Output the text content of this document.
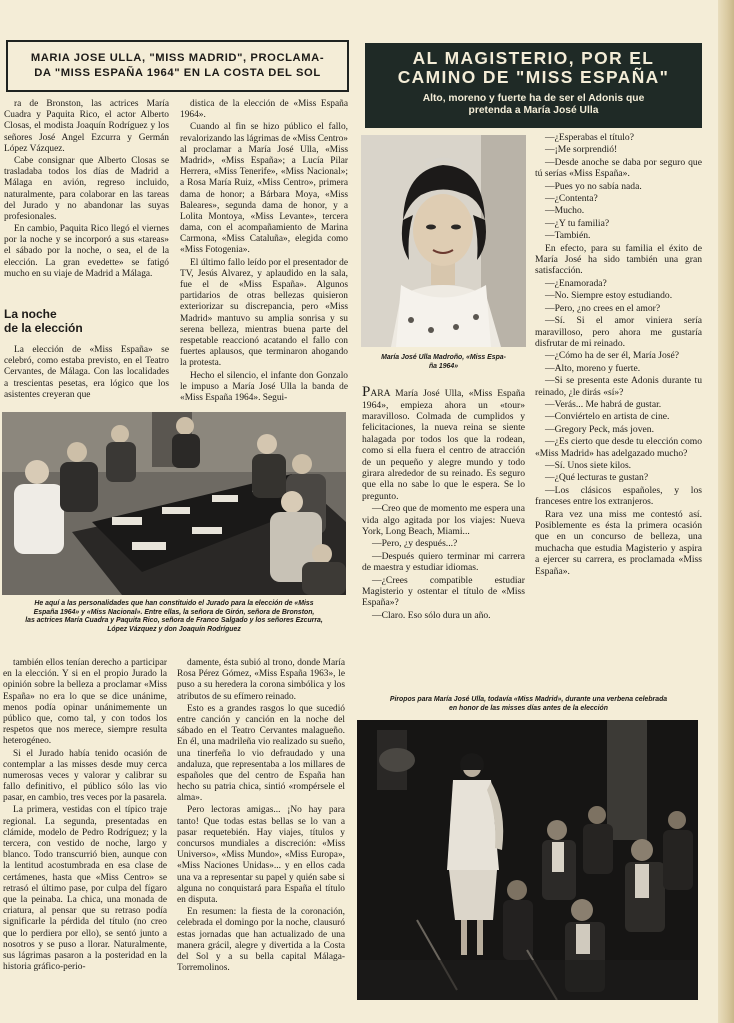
MARIA JOSE ULLA, "MISS MADRID", PROCLAMA-
DA "MISS ESPAÑA 1964" EN LA COSTA DEL SOL
AL MAGISTERIO, POR EL
CAMINO DE "MISS ESPAÑA"
Alto, moreno y fuerte ha de ser el Adonis que
pretenda a María José Ulla

ra de Bronston, las actrices María Cuadra y Paquita Rico, el actor Alberto Closas, el modista Joaquín Rodríguez y los señores José Angel Ezcurra y Germán López Vázquez.

Cabe consignar que Alberto Closas se trasladaba todos los días de Madrid a Málaga en avión, regreso incluido, naturalmente, para colaborar en las tareas del Jurado y no abandonar las suyas profesionales.

En cambio, Paquita Rico llegó el viernes por la noche y se incorporó a sus «tareas» el sábado por la noche, o sea, el de la elección. La gran evedette» se fatigó mucho en su viaje de Madrid a Málaga.

La noche
de la elección

La elección de «Miss España» se celebró, como estaba previsto, en el Teatro Cervantes, de Málaga. Con las localidades a trescientas pesetas, era lógico que los asistentes creyeran que

distica de la elección de «Miss España 1964».

Cuando al fin se hizo público el fallo, revalorizando las lágrimas de «Miss Centro» al proclamar a María José Ulla, «Miss Madrid», «Miss España»; a Lucía Pilar Herrera, «Miss Tenerife», «Miss Nacional»; a Rosa María Ruiz, «Miss Centro», primera dama de honor; a Bárbara Moya, «Miss Baleares», segunda dama de honor, y a Lolita Montoya, «Miss Levante», tercera dama, con el acompañamiento de Marina Carmona, «Miss Cataluña», elegida como «Miss Fotogenia».

El último fallo leído por el presentador de TV, Jesús Alvarez, y aplaudido en la sala, fue el de «Miss España». Algunos partidarios de otras bellezas quisieron exteriorizar su discrepancia, pero «Miss Madrid» mantuvo su amplia sonrisa y su serena belleza, mientras buena parte del respetable reaccionó acatando el fallo con fuertes aplausos, que terminaron ahogando la protesta.

Hecho el silencio, el infante don Gonzalo le impuso a María José Ulla la banda de «Miss España 1964». Segui-

He aquí a las personalidades que han constituido el Jurado para la elección de «Miss
España 1964» y «Miss Nacional». Entre ellas, la señora de Girón, señora de Bronston,
las actrices María Cuadra y Paquita Rico, señora de Franco Salgado y los señores Ezcurra,
López Vázquez y don Joaquín Rodríguez

también ellos tenían derecho a participar en la elección. Y si en el propio Jurado la opinión sobre la belleza a proclamar «Miss España» no era lo que se dice unánime, menos podía opinar unánimemente un público que, como tal, y con todos los respetos que nos merece, siempre resulta heterogéneo.

Si el Jurado había tenido ocasión de contemplar a las misses desde muy cerca numerosas veces y valorar y calibrar su fallo definitivo, el público sólo las vio pasar, en cambio, tres veces por la pasarela.

La primera, vestidas con el típico traje regional. La segunda, presentadas en clámide, modelo de Pedro Rodríguez; y la tercera, con vestido de noche, largo y blanco. Todo transcurrió bien, aunque con la lentitud acostumbrada en esa clase de certámenes, hasta que «Miss Centro» se retrasó el último pase, por culpa del fígaro que la peinaba. La chica, una monada de criatura, al pensar que su retraso podía significarle la pérdida del título (no creo que lo perdiera por ello), se sentó junto a nosotros y se puso a llorar. Naturalmente, sus lágrimas pasaron a la posteridad en la historia gráfico-perio-

damente, ésta subió al trono, donde María Rosa Pérez Gómez, «Miss España 1963», le puso a su heredera la corona simbólica y los atributos de su efímero reinado.

Esto es a grandes rasgos lo que sucedió entre canción y canción en la noche del sábado en el Teatro Cervantes malagueño. En él, una madrileña vio realizado su sueño, una tinerfeña lo vio defraudado y una andaluza, que representaba a los millares de españoles que del centro de España han hecho su patria chica, sintió «rompérsele el alma».

Pero lectoras amigas... ¡No hay para tanto! Que todas estas bellas se lo van a pasar requetebién. Hay viajes, títulos y concursos mundiales a discreción: «Miss Universo», «Miss Mundo», «Miss Europa», «Miss Naciones Unidas»... y en ellos cada una va a representar su papel y quién sabe si alguna no conquistará para España el título en disputa.

En resumen: la fiesta de la coronación, celebrada el domingo por la noche, clausuró estas jornadas que han actualizado de una manera grácil, alegre y divertida a la Costa del Sol y a su bella capital Málaga-Torremolinos.

María José Ulla Madroño, «Miss Espa-
ña 1964»

PARA María José Ulla, «Miss España 1964», empieza ahora un «tour» maravilloso. Colmada de cumplidos y felicitaciones, la nueva reina se siente halagada por todos los que la rodean, como si ella fuera el centro de atracción de un pequeño y alegre mundo y todo girara alrededor de su reinado. Es seguro que ella no sabe lo que le espera. Se lo pregunto.

—Creo que de momento me espera una vida algo agitada por los viajes: Nueva York, Long Beach, Miami...

—Pero, ¿y después...?

—Después quiero terminar mi carrera de maestra y estudiar idiomas.

—¿Crees compatible estudiar Magisterio y ostentar el título de «Miss España»?

—Claro. Eso sólo dura un año.

—¿Esperabas el título?

—¡Me sorprendió!

—Desde anoche se daba por seguro que tú serías «Miss España».

—Pues yo no sabía nada.

—¿Contenta?

—Mucho.

—¿Y tu familia?

—También.

En efecto, para su familia el éxito de María José ha sido también una gran satisfacción.

—¿Enamorada?

—No. Siempre estoy estudiando.

—Pero, ¿no crees en el amor?

—Sí. Si el amor viniera sería maravilloso, pero ahora me gustaría disfrutar de mi reinado.

—¿Cómo ha de ser él, María José?

—Alto, moreno y fuerte.

—Si se presenta este Adonis durante tu reinado, ¿le dirás «sí»?

—Verás... Me habrá de gustar.

—Conviértelo en artista de cine.

—Gregory Peck, más joven.

—¿Es cierto que desde tu elección como «Miss Madrid» has adelgazado mucho?

—Sí. Unos siete kilos.

—¿Qué lecturas te gustan?

—Los clásicos españoles, y los franceses entre los extranjeros.

Rara vez una miss me contestó así. Posiblemente es ésta la primera ocasión que en un concurso de belleza, una muchacha que estudia Magisterio y aspira a ejercer su carrera, es proclamada «Miss España».

Piropos para María José Ulla, todavía «Miss Madrid», durante una verbena celebrada
en honor de las misses días antes de la elección
